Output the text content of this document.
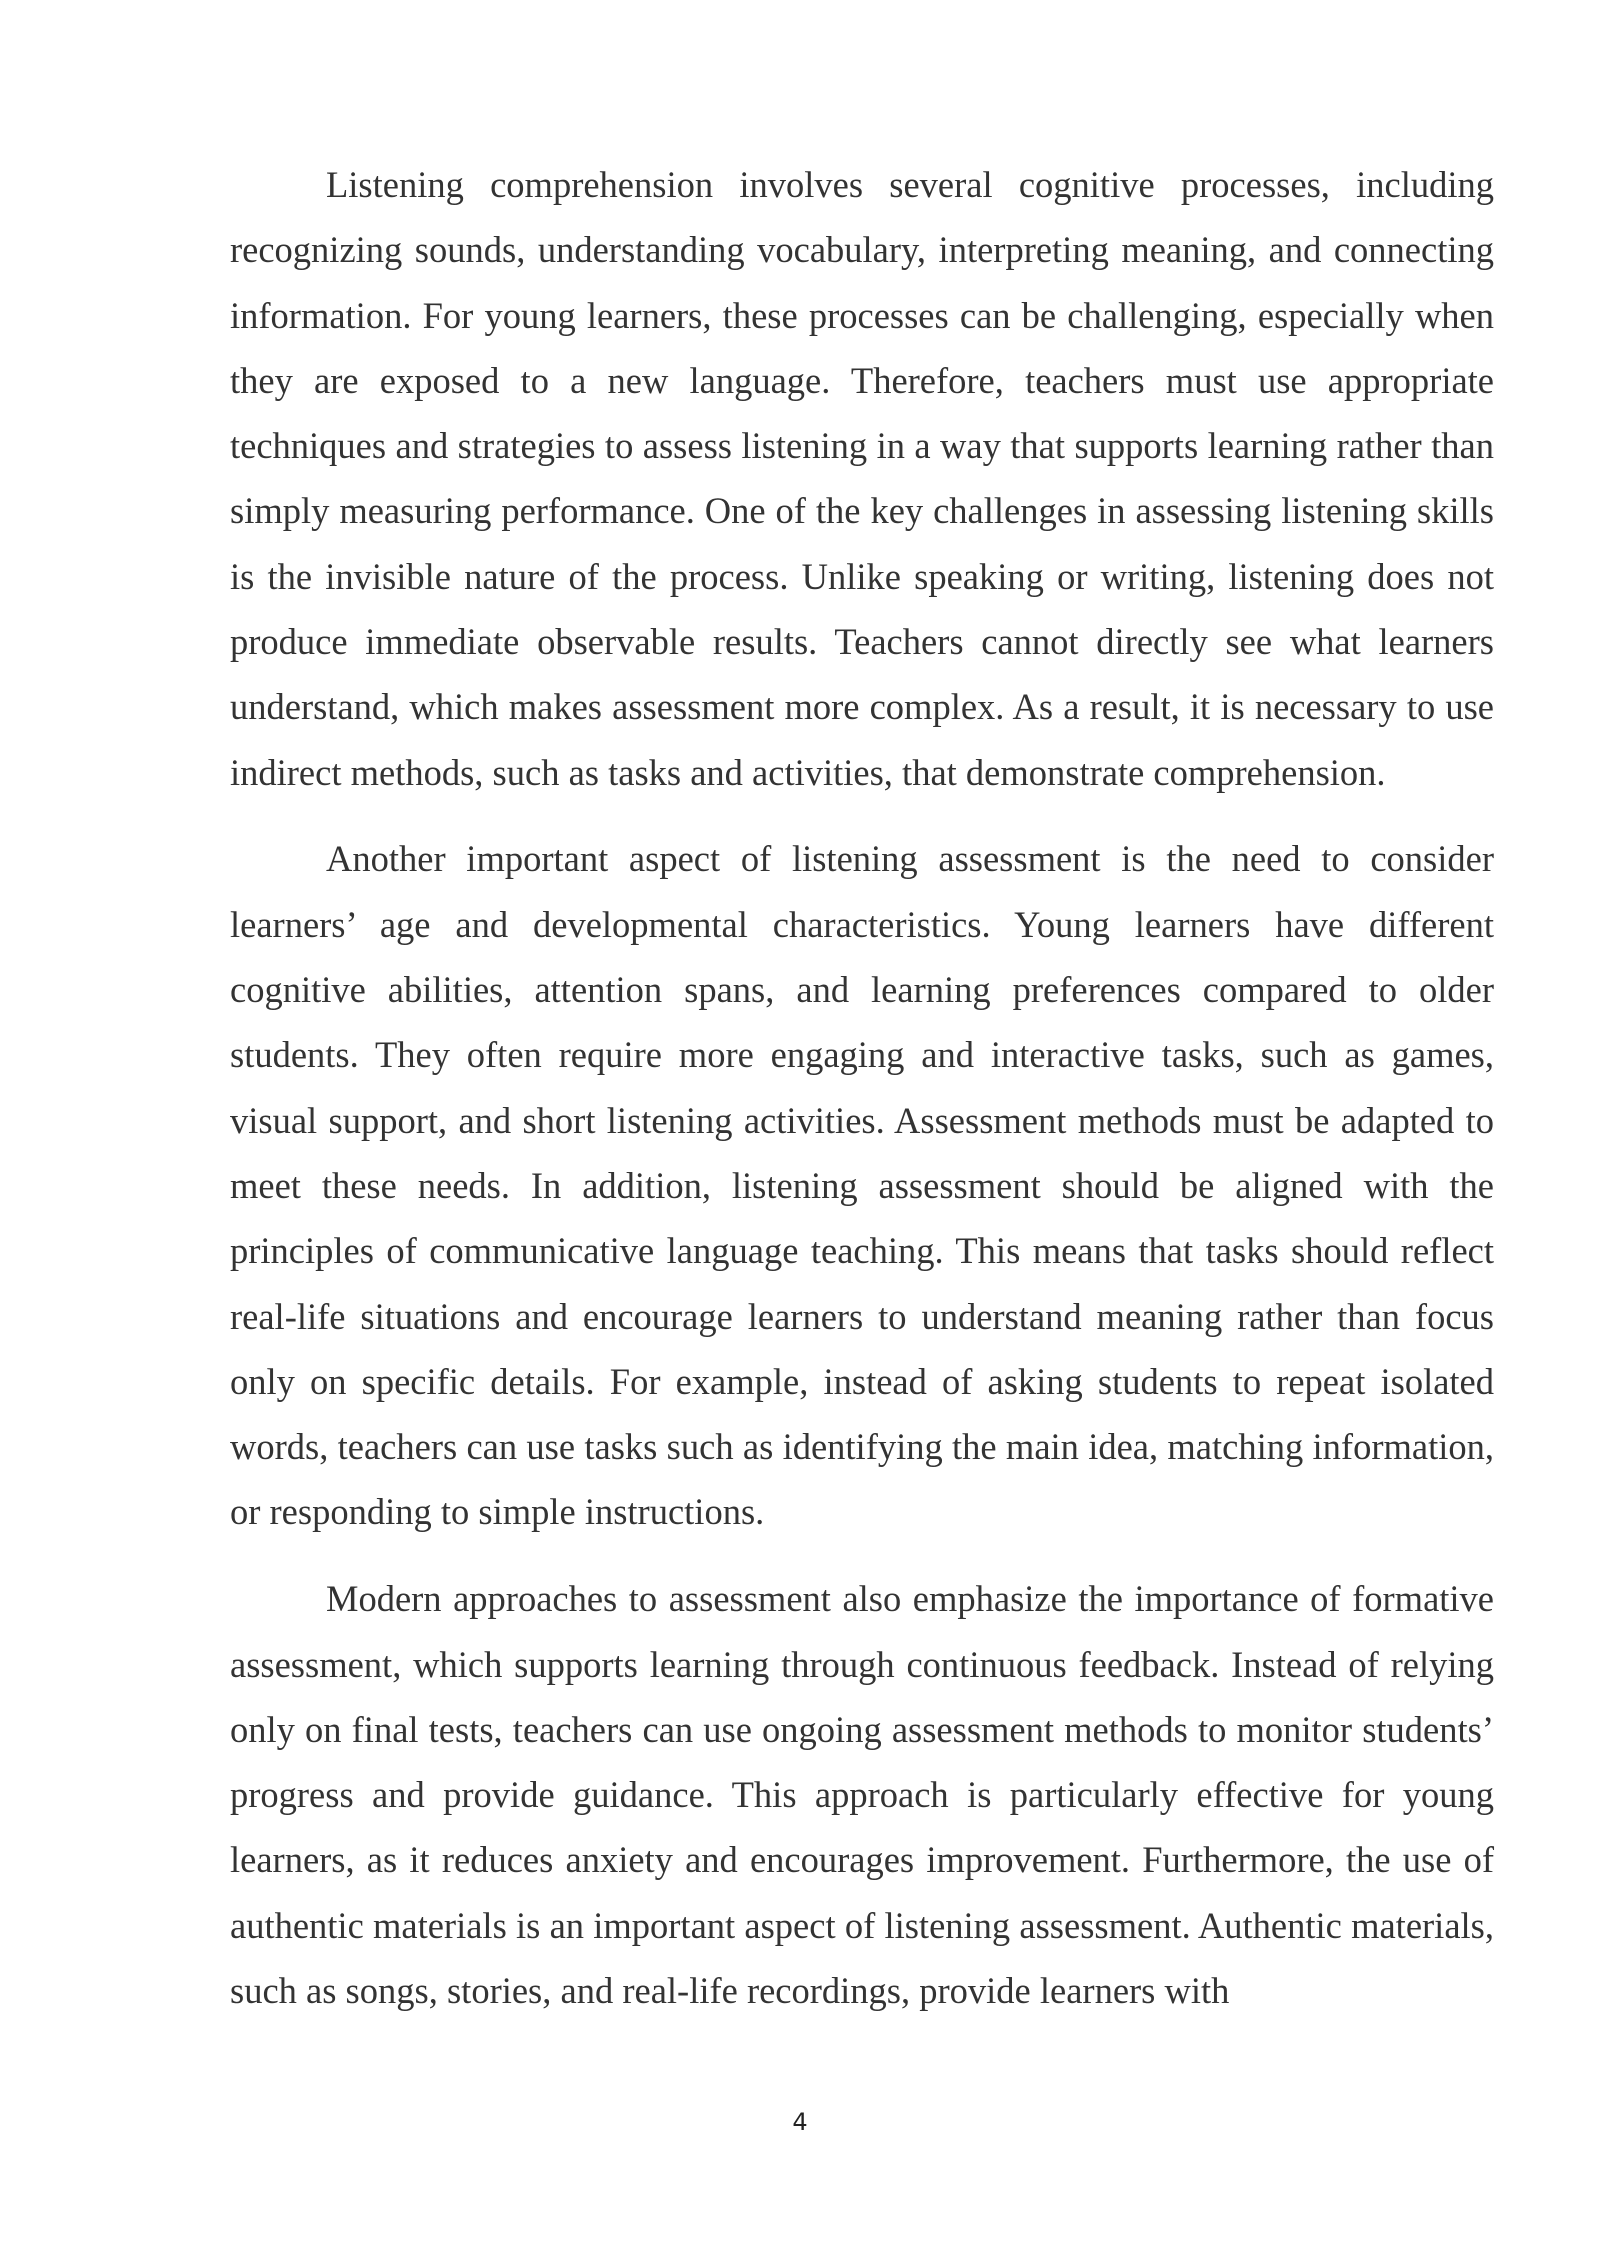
Listening comprehension involves several cognitive processes, including recognizing sounds, understanding vocabulary, interpreting meaning, and connecting information. For young learners, these processes can be challenging, especially when they are exposed to a new language. Therefore, teachers must use appropriate techniques and strategies to assess listening in a way that supports learning rather than simply measuring performance. One of the key challenges in assessing listening skills is the invisible nature of the process. Unlike speaking or writing, listening does not produce immediate observable results. Teachers cannot directly see what learners understand, which makes assessment more complex. As a result, it is necessary to use indirect methods, such as tasks and activities, that demonstrate comprehension.

Another important aspect of listening assessment is the need to consider learners’ age and developmental characteristics. Young learners have different cognitive abilities, attention spans, and learning preferences compared to older students. They often require more engaging and interactive tasks, such as games, visual support, and short listening activities. Assessment methods must be adapted to meet these needs. In addition, listening assessment should be aligned with the principles of communicative language teaching. This means that tasks should reflect real-life situations and encourage learners to understand meaning rather than focus only on specific details. For example, instead of asking students to repeat isolated words, teachers can use tasks such as identifying the main idea, matching information, or responding to simple instructions.

Modern approaches to assessment also emphasize the importance of formative assessment, which supports learning through continuous feedback. Instead of relying only on final tests, teachers can use ongoing assessment methods to monitor students’ progress and provide guidance. This approach is particularly effective for young learners, as it reduces anxiety and encourages improvement. Furthermore, the use of authentic materials is an important aspect of listening assessment. Authentic materials, such as songs, stories, and real-life recordings, provide learners with

4
